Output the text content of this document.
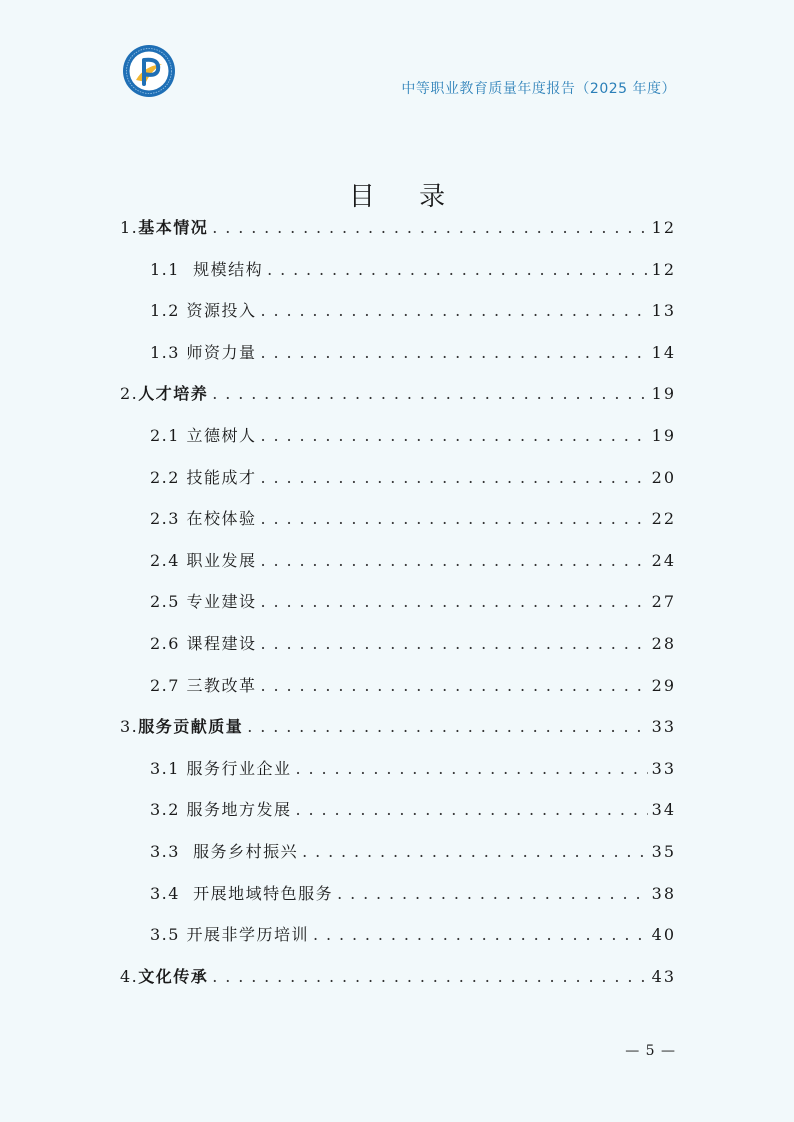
中等职业教育质量年度报告（2025 年度）
目 录
1. 基本情况 . . .	12
1.1 规模结构 . . .	12
1.2 资源投入 . . .	13
1.3 师资力量 . . .	14
2. 人才培养 . . .	19
2.1 立德树人 . . .	19
2.2 技能成才 . . .	20
2.3 在校体验 . . .	22
2.4 职业发展 . . .	24
2.5 专业建设 . . .	27
2.6 课程建设 . . .	28
2.7 三教改革 . . .	29
3. 服务贡献质量 . . .	33
3.1 服务行业企业 . . .	33
3.2 服务地方发展 . . .	34
3.3 服务乡村振兴 . . .	35
3.4 开展地域特色服务 . . .	38
3.5 开展非学历培训 . . .	40
4. 文化传承 . . .	43
— 5 —
